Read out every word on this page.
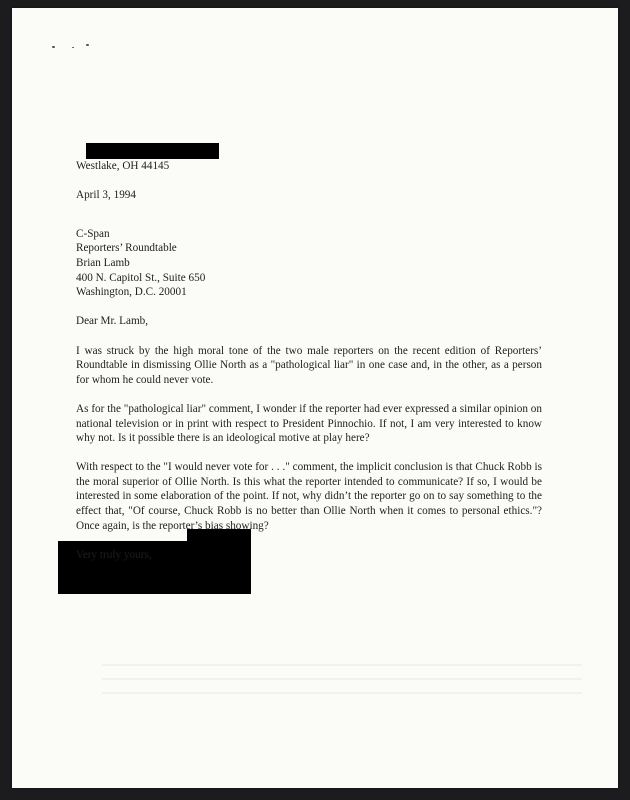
Westlake, OH 44145

April 3, 1994

C-Span

Reporters’ Roundtable

Brian Lamb

400 N. Capitol St., Suite 650

Washington, D.C. 20001

Dear Mr. Lamb,

I was struck by the high moral tone of the two male reporters on the recent edition of Reporters’ Roundtable in dismissing Ollie North as a "pathological liar" in one case and, in the other, as a person for whom he could never vote.

As for the "pathological liar" comment, I wonder if the reporter had ever expressed a similar opinion on national television or in print with respect to President Pinnochio. If not, I am very interested to know why not. Is it possible there is an ideological motive at play here?

With respect to the "I would never vote for . . ." comment, the implicit conclusion is that Chuck Robb is the moral superior of Ollie North. Is this what the reporter intended to communicate? If so, I would be interested in some elaboration of the point. If not, why didn’t the reporter go on to say something to the effect that, "Of course, Chuck Robb is no better than Ollie North when it comes to personal ethics."? Once again, is the reporter’s bias showing?

Very truly yours,
